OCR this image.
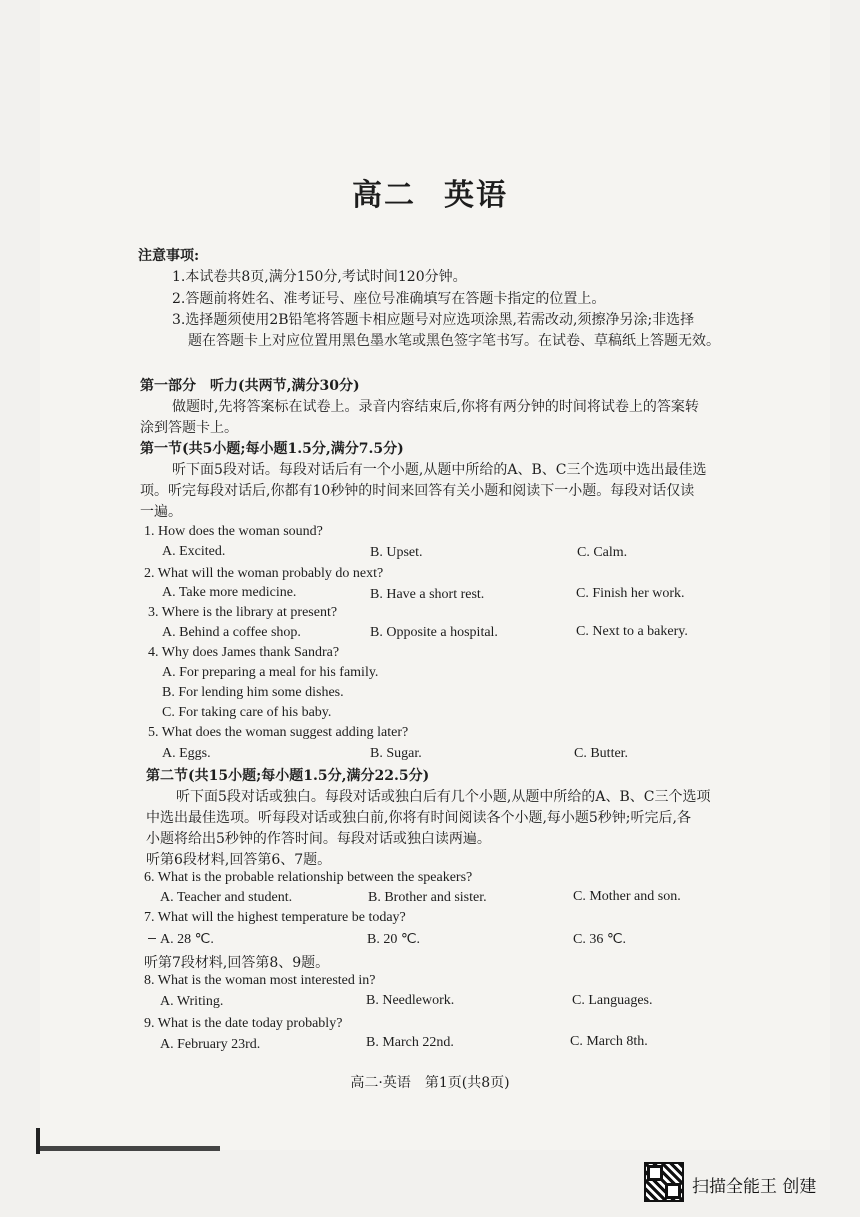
高二 英语
注意事项:
1.本试卷共8页,满分150分,考试时间120分钟。
2.答题前将姓名、准考证号、座位号准确填写在答题卡指定的位置上。
3.选择题须使用2B铅笔将答题卡相应题号对应选项涂黑,若需改动,须擦净另涂;非选择
题在答题卡上对应位置用黑色墨水笔或黑色签字笔书写。在试卷、草稿纸上答题无效。
第一部分　听力(共两节,满分30分)
做题时,先将答案标在试卷上。录音内容结束后,你将有两分钟的时间将试卷上的答案转
涂到答题卡上。
第一节(共5小题;每小题1.5分,满分7.5分)
听下面5段对话。每段对话后有一个小题,从题中所给的A、B、C三个选项中选出最佳选
项。听完每段对话后,你都有10秒钟的时间来回答有关小题和阅读下一小题。每段对话仅读
一遍。
1. How does the woman sound?
A. Excited.	B. Upset.	C. Calm.
2. What will the woman probably do next?
A. Take more medicine.	B. Have a short rest.	C. Finish her work.
3. Where is the library at present?
A. Behind a coffee shop.	B. Opposite a hospital.	C. Next to a bakery.
4. Why does James thank Sandra?
A. For preparing a meal for his family.
B. For lending him some dishes.
C. For taking care of his baby.
5. What does the woman suggest adding later?
A. Eggs.	B. Sugar.	C. Butter.
第二节(共15小题;每小题1.5分,满分22.5分)
听下面5段对话或独白。每段对话或独白后有几个小题,从题中所给的A、B、C三个选项
中选出最佳选项。听每段对话或独白前,你将有时间阅读各个小题,每小题5秒钟;听完后,各
小题将给出5秒钟的作答时间。每段对话或独白读两遍。
听第6段材料,回答第6、7题。
6. What is the probable relationship between the speakers?
A. Teacher and student.	B. Brother and sister.	C. Mother and son.
7. What will the highest temperature be today?
A. 28 ℃.	B. 20 ℃.	C. 36 ℃.
听第7段材料,回答第8、9题。
8. What is the woman most interested in?
A. Writing.	B. Needlework.	C. Languages.
9. What is the date today probably?
A. February 23rd.	B. March 22nd.	C. March 8th.
高二·英语　第1页(共8页)
扫描全能王 创建
